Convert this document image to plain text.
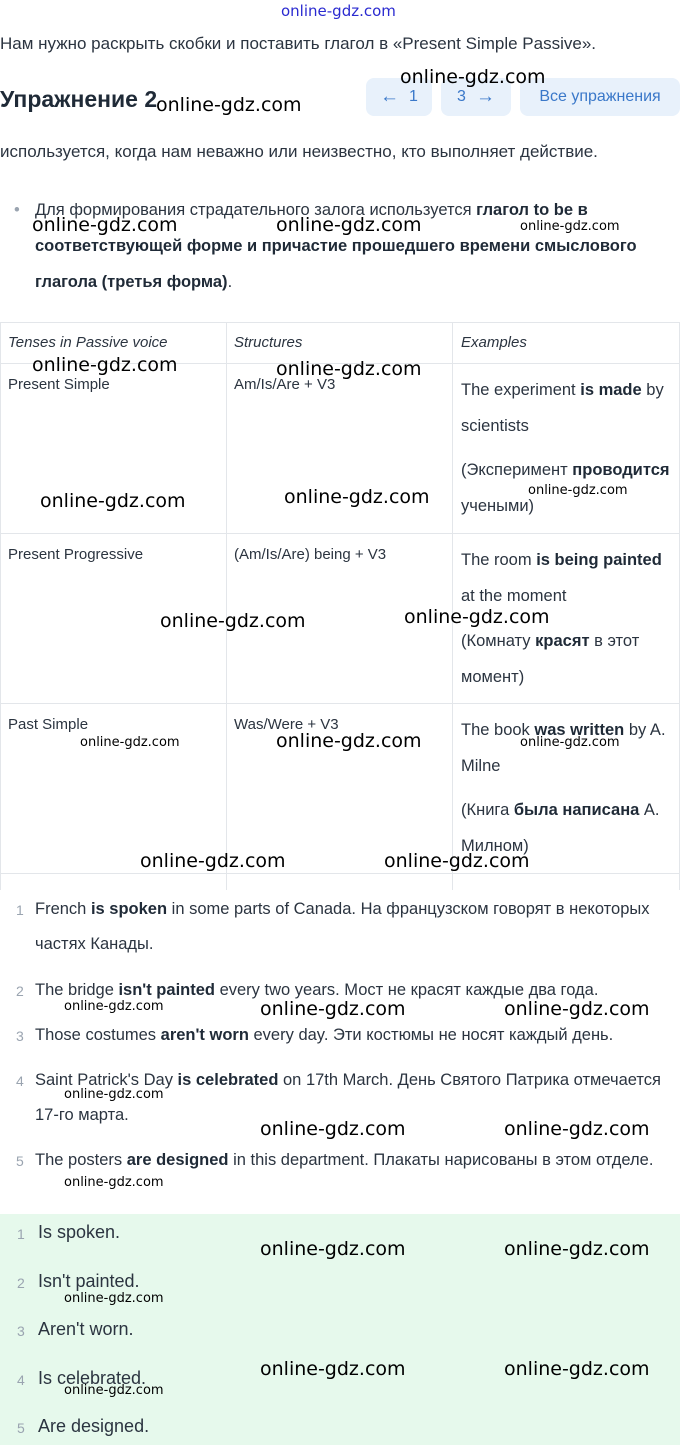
online-gdz.com
Нам нужно раскрыть скобки и поставить глагол в «Present Simple Passive».
Упражнение 2	← 1 3 →	Все упражнения
используется, когда нам неважно или неизвестно, кто выполняет действие.
• Для формирования страдательного залога используется глагол to be в соответствующей форме и причастие прошедшего времени смыслового глагола (третья форма).
Tenses in Passive voice	Structures	Examples
Present Simple	Am/Is/Are + V3	The experiment is made by scientists
(Эксперимент проводится учеными)
Present Progressive	(Am/Is/Are) being + V3	The room is being painted at the moment
(Комнату красят в этот момент)
Past Simple	Was/Were + V3	The book was written by A. Milne
(Книга была написана А. Милном)
1 French is spoken in some parts of Canada. На французском говорят в некоторых частях Канады.
2 The bridge isn't painted every two years. Мост не красят каждые два года.
3 Those costumes aren't worn every day. Эти костюмы не носят каждый день.
4 Saint Patrick's Day is celebrated on 17th March. День Святого Патрика отмечается 17-го марта.
5 The posters are designed in this department. Плакаты нарисованы в этом отделе.
1 Is spoken.
2 Isn't painted.
3 Aren't worn.
4 Is celebrated.
5 Are designed.
online-gdz.com
online-gdz.com
online-gdz.com	online-gdz.com	online-gdz.com
online-gdz.com	online-gdz.com
online-gdz.com	online-gdz.com	online-gdz.com
online-gdz.com	online-gdz.com
online-gdz.com	online-gdz.com	online-gdz.com
online-gdz.com	online-gdz.com
online-gdz.com	online-gdz.com	online-gdz.com
online-gdz.com
online-gdz.com	online-gdz.com
online-gdz.com
online-gdz.com	online-gdz.com
online-gdz.com
online-gdz.com	online-gdz.com
online-gdz.com
